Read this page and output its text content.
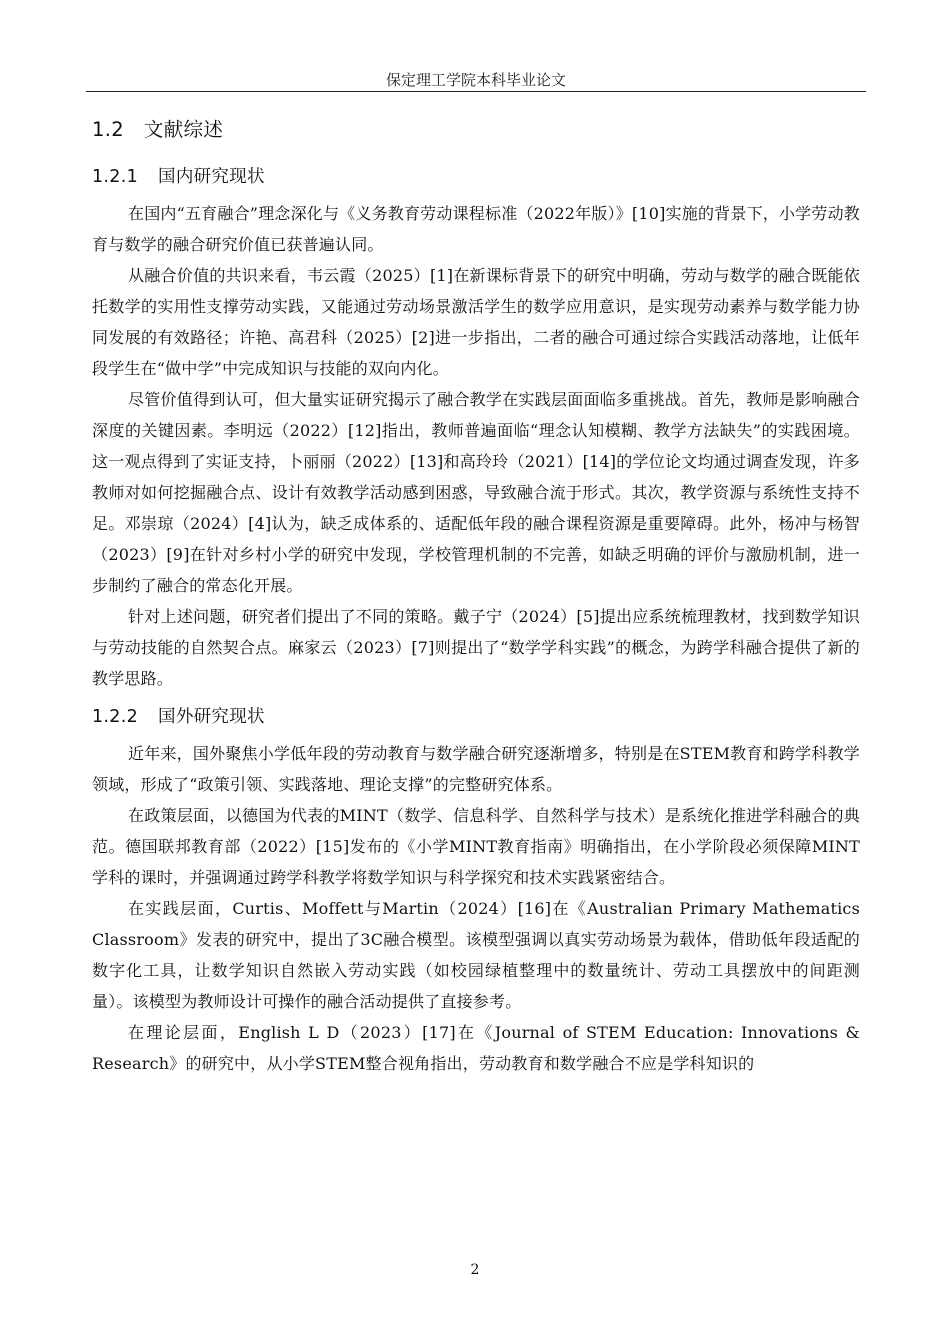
保定理工学院本科毕业论文
1.2 文献综述
1.2.1 国内研究现状

在国内“五育融合”理念深化与《义务教育劳动课程标准（2022年版）》[10]实施的背景下，小学劳动教育与数学的融合研究价值已获普遍认同。

从融合价值的共识来看，韦云霞（2025）[1]在新课标背景下的研究中明确，劳动与数学的融合既能依托数学的实用性支撑劳动实践，又能通过劳动场景激活学生的数学应用意识，是实现劳动素养与数学能力协同发展的有效路径；许艳、高君科（2025）[2]进一步指出，二者的融合可通过综合实践活动落地，让低年段学生在“做中学”中完成知识与技能的双向内化。

尽管价值得到认可，但大量实证研究揭示了融合教学在实践层面面临多重挑战。首先，教师是影响融合深度的关键因素。李明远（2022）[12]指出，教师普遍面临“理念认知模糊、教学方法缺失”的实践困境。这一观点得到了实证支持，卜丽丽（2022）[13]和高玲玲（2021）[14]的学位论文均通过调查发现，许多教师对如何挖掘融合点、设计有效教学活动感到困惑，导致融合流于形式。其次，教学资源与系统性支持不足。邓崇琼（2024）[4]认为，缺乏成体系的、适配低年段的融合课程资源是重要障碍。此外，杨冲与杨智（2023）[9]在针对乡村小学的研究中发现，学校管理机制的不完善，如缺乏明确的评价与激励机制，进一步制约了融合的常态化开展。

针对上述问题，研究者们提出了不同的策略。戴子宁（2024）[5]提出应系统梳理教材，找到数学知识与劳动技能的自然契合点。麻家云（2023）[7]则提出了“数学学科实践”的概念，为跨学科融合提供了新的教学思路。

1.2.2 国外研究现状

近年来，国外聚焦小学低年段的劳动教育与数学融合研究逐渐增多，特别是在STEM教育和跨学科教学领域，形成了“政策引领、实践落地、理论支撑”的完整研究体系。

在政策层面，以德国为代表的MINT（数学、信息科学、自然科学与技术）是系统化推进学科融合的典范。德国联邦教育部（2022）[15]发布的《小学MINT教育指南》明确指出，在小学阶段必须保障MINT学科的课时，并强调通过跨学科教学将数学知识与科学探究和技术实践紧密结合。

在实践层面，Curtis、Moffett与Martin（2024）[16]在《Australian Primary Mathematics Classroom》发表的研究中，提出了3C融合模型。该模型强调以真实劳动场景为载体，借助低年段适配的数字化工具，让数学知识自然嵌入劳动实践（如校园绿植整理中的数量统计、劳动工具摆放中的间距测量）。该模型为教师设计可操作的融合活动提供了直接参考。

在理论层面，English L D（2023）[17]在《Journal of STEM Education: Innovations & Research》的研究中，从小学STEM整合视角指出，劳动教育和数学融合不应是学科知识的

2
